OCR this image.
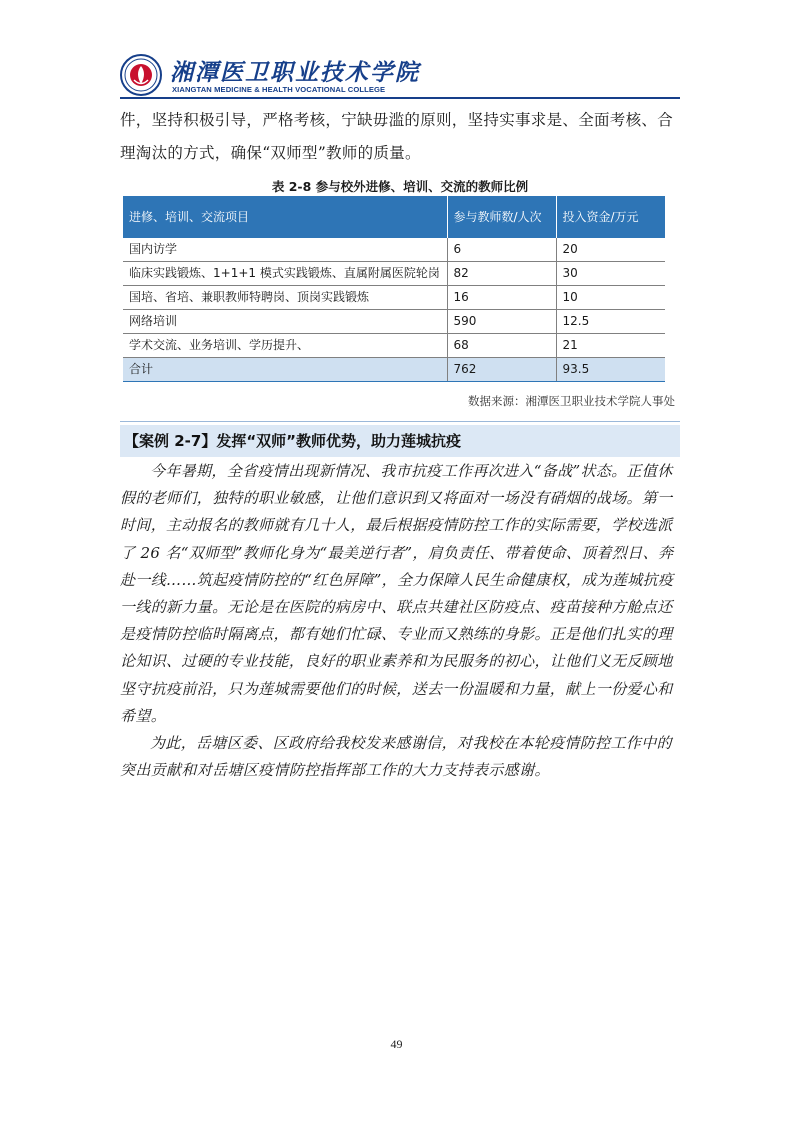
湘潭医卫职业技术学院
XIANGTAN MEDICINE & HEALTH VOCATIONAL COLLEGE
件，坚持积极引导，严格考核，宁缺毋滥的原则，坚持实事求是、全面考核、合理淘汰的方式，确保“双师型”教师的质量。
表 2-8 参与校外进修、培训、交流的教师比例
进修、培训、交流项目	参与教师数/人次	投入资金/万元
国内访学	6	20
临床实践锻炼、1+1+1 模式实践锻炼、直属附属医院轮岗	82	30
国培、省培、兼职教师特聘岗、顶岗实践锻炼	16	10
网络培训	590	12.5
学术交流、业务培训、学历提升、	68	21
合计	762	93.5
数据来源：湘潭医卫职业技术学院人事处
【案例 2-7】发挥“双师”教师优势，助力莲城抗疫

今年暑期，全省疫情出现新情况、我市抗疫工作再次进入“备战”状态。正值休假的老师们，独特的职业敏感，让他们意识到又将面对一场没有硝烟的战场。第一时间，主动报名的教师就有几十人，最后根据疫情防控工作的实际需要，学校选派了 26 名“双师型”教师化身为“最美逆行者”，肩负责任、带着使命、顶着烈日、奔赴一线……筑起疫情防控的“红色屏障”，全力保障人民生命健康权，成为莲城抗疫一线的新力量。无论是在医院的病房中、联点共建社区防疫点、疫苗接种方舱点还是疫情防控临时隔离点，都有她们忙碌、专业而又熟练的身影。正是他们扎实的理论知识、过硬的专业技能，良好的职业素养和为民服务的初心，让他们义无反顾地坚守抗疫前沿，只为莲城需要他们的时候，送去一份温暖和力量，献上一份爱心和希望。

为此，岳塘区委、区政府给我校发来感谢信，对我校在本轮疫情防控工作中的突出贡献和对岳塘区疫情防控指挥部工作的大力支持表示感谢。

49
